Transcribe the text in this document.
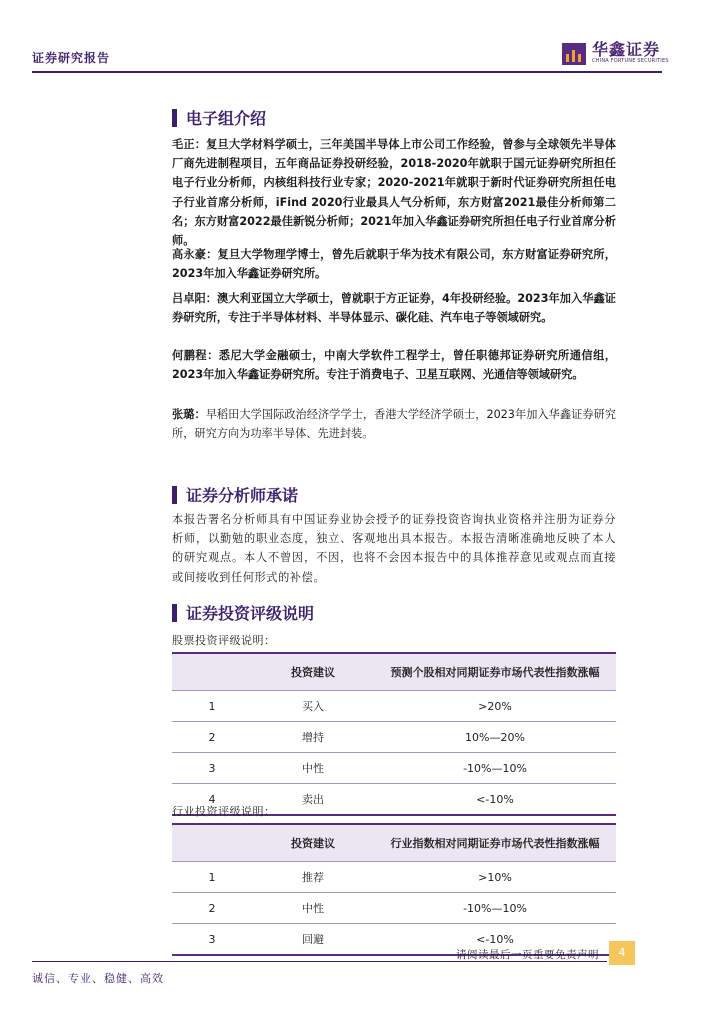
证券研究报告	华鑫证券
CHINA FORTUNE SECURITIES
电子组介绍
毛正：复旦大学材料学硕士，三年美国半导体上市公司工作经验，曾参与全球领先半导体厂商先进制程项目，五年商品证券投研经验，2018-2020年就职于国元证券研究所担任电子行业分析师，内核组科技行业专家；2020-2021年就职于新时代证券研究所担任电子行业首席分析师，iFind 2020行业最具人气分析师，东方财富2021最佳分析师第二名；东方财富2022最佳新锐分析师；2021年加入华鑫证券研究所担任电子行业首席分析师。
高永豪：复旦大学物理学博士，曾先后就职于华为技术有限公司，东方财富证券研究所，2023年加入华鑫证券研究所。
吕卓阳：澳大利亚国立大学硕士，曾就职于方正证券，4年投研经验。2023年加入华鑫证券研究所，专注于半导体材料、半导体显示、碳化硅、汽车电子等领域研究。
何鹏程：悉尼大学金融硕士，中南大学软件工程学士，曾任职德邦证券研究所通信组，2023年加入华鑫证券研究所。专注于消费电子、卫星互联网、光通信等领域研究。
张璐：早稻田大学国际政治经济学学士，香港大学经济学硕士，2023年加入华鑫证券研究所，研究方向为功率半导体、先进封装。
证券分析师承诺
本报告署名分析师具有中国证券业协会授予的证券投资咨询执业资格并注册为证券分析师，以勤勉的职业态度，独立、客观地出具本报告。本报告清晰准确地反映了本人的研究观点。本人不曾因，不因，也将不会因本报告中的具体推荐意见或观点而直接或间接收到任何形式的补偿。
证券投资评级说明
股票投资评级说明：
	投资建议	预测个股相对同期证券市场代表性指数涨幅
1	买入	>20%
2	增持	10%—20%
3	中性	-10%—10%
4	卖出	<-10%
行业投资评级说明：
	投资建议	行业指数相对同期证券市场代表性指数涨幅
1	推荐	>10%
2	中性	-10%—10%
3	回避	<-10%
请阅读最后一页重要免责声明	4
诚信、专业、稳健、高效
